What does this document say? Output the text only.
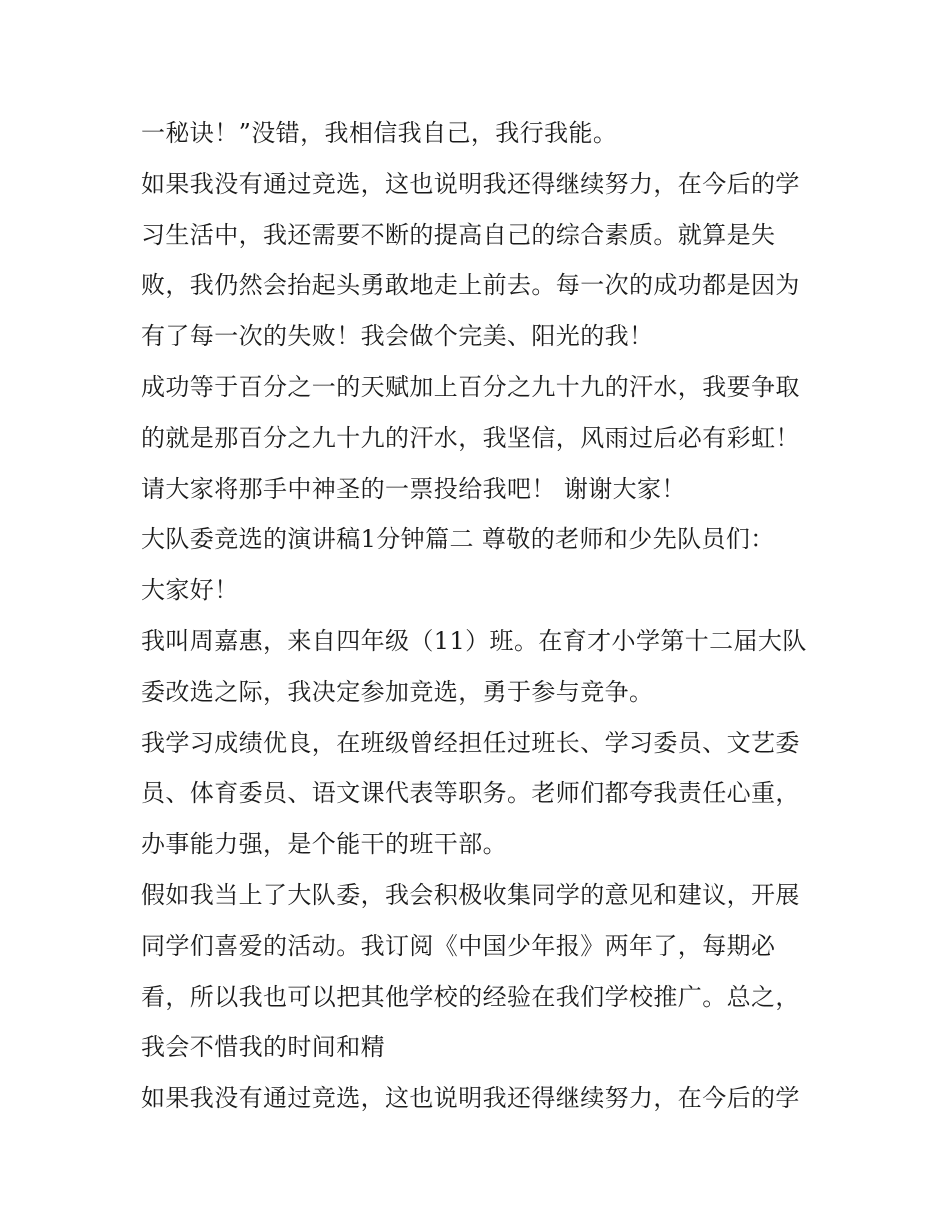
一秘诀！”没错，我相信我自己，我行我能。
如果我没有通过竞选，这也说明我还得继续努力，在今后的学
习生活中，我还需要不断的提高自己的综合素质。就算是失
败，我仍然会抬起头勇敢地走上前去。每一次的成功都是因为
有了每一次的失败！我会做个完美、阳光的我！
成功等于百分之一的天赋加上百分之九十九的汗水，我要争取
的就是那百分之九十九的汗水，我坚信，风雨过后必有彩虹！
请大家将那手中神圣的一票投给我吧！ 谢谢大家！
大队委竞选的演讲稿1分钟篇二 尊敬的老师和少先队员们：
大家好！
我叫周嘉惠，来自四年级（11）班。在育才小学第十二届大队
委改选之际，我决定参加竞选，勇于参与竞争。
我学习成绩优良，在班级曾经担任过班长、学习委员、文艺委
员、体育委员、语文课代表等职务。老师们都夸我责任心重，
办事能力强，是个能干的班干部。
假如我当上了大队委，我会积极收集同学的意见和建议，开展
同学们喜爱的活动。我订阅《中国少年报》两年了，每期必
看，所以我也可以把其他学校的经验在我们学校推广。总之，
我会不惜我的时间和精
如果我没有通过竞选，这也说明我还得继续努力，在今后的学
